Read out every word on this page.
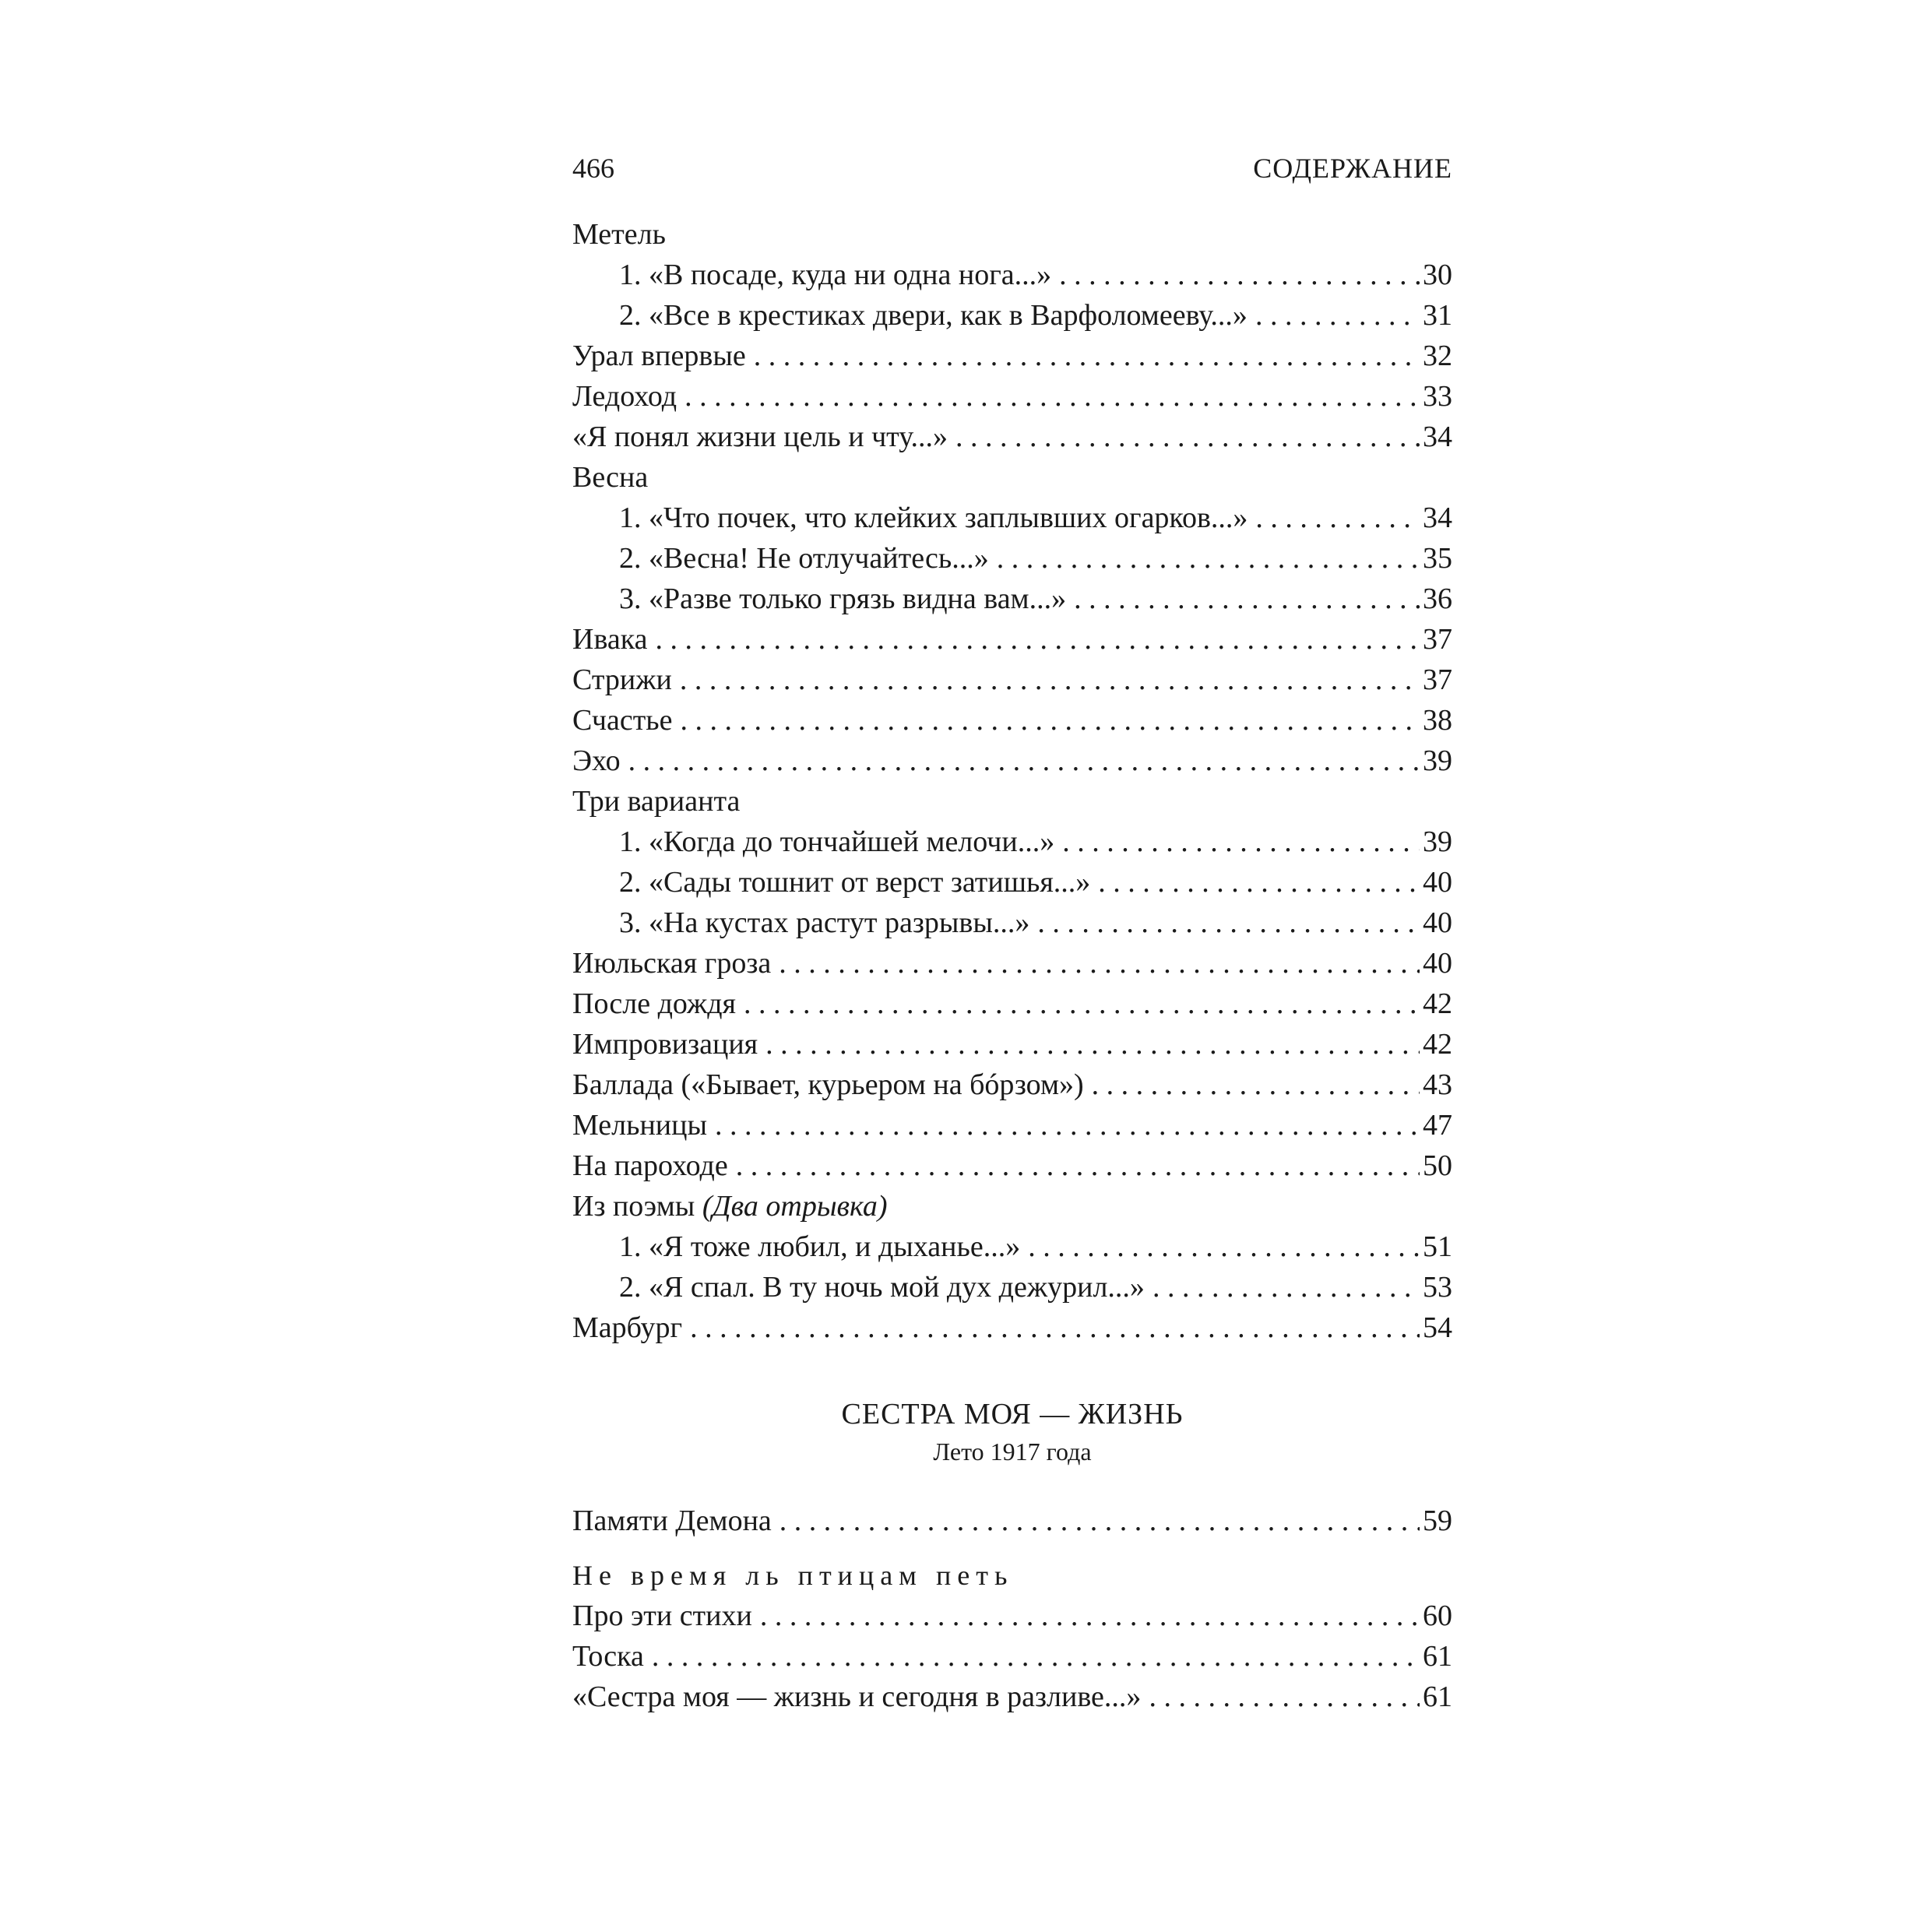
466	СОДЕРЖАНИЕ
Метель
1. «В посаде, куда ни одна нога...» . . .	30
2. «Все в крестиках двери, как в Варфоломееву...» . . .	31
Урал впервые . . .	32
Ледоход . . .	33
«Я понял жизни цель и чту...» . . .	34
Весна
1. «Что почек, что клейких заплывших огарков...» . . .	34
2. «Весна! Не отлучайтесь...» . . .	35
3. «Разве только грязь видна вам...» . . .	36
Ивака . . .	37
Стрижи . . .	37
Счастье . . .	38
Эхо . . .	39
Три варианта
1. «Когда до тончайшей мелочи...» . . .	39
2. «Сады тошнит от верст затишья...» . . .	40
3. «На кустах растут разрывы...» . . .	40
Июльская гроза . . .	40
После дождя . . .	42
Импровизация . . .	42
Баллада («Бывает, курьером на бóрзом») . . .	43
Мельницы . . .	47
На пароходе . . .	50
Из поэмы (Два отрывка)
1. «Я тоже любил, и дыханье...» . . .	51
2. «Я спал. В ту ночь мой дух дежурил...» . . .	53
Марбург . . .	54
СЕСТРА МОЯ — ЖИЗНЬ
Лето 1917 года
Памяти Демона . . .	59
Не время ль птицам петь
Про эти стихи . . .	60
Тоска . . .	61
«Сестра моя — жизнь и сегодня в разливе...» . . .	61
